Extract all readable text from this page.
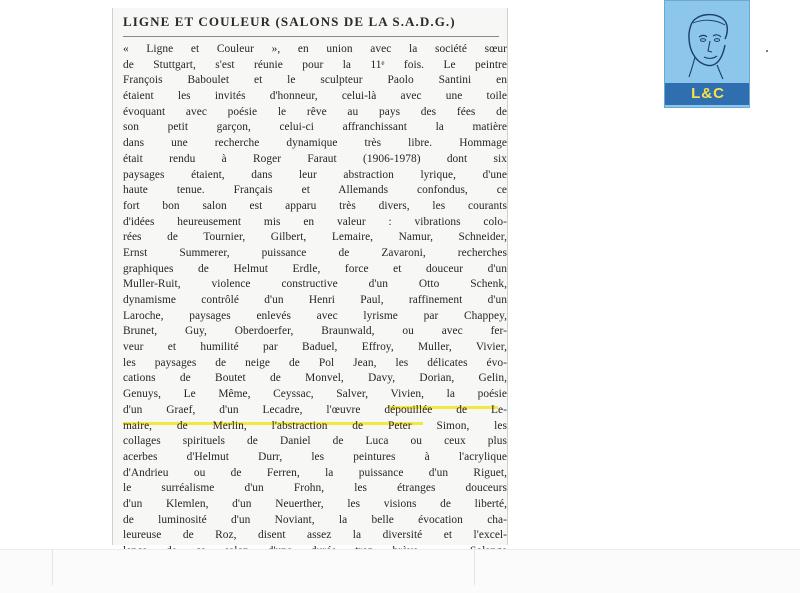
LIGNE ET COULEUR (SALONS DE LA S.A.D.G.)
« Ligne et Couleur », en union avec la société sœur
de Stuttgart, s'est réunie pour la 11ᵉ fois. Le peintre
François Baboulet et le sculpteur Paolo Santini en
étaient les invités d'honneur, celui-là avec une toile
évoquant avec poésie le rêve au pays des fées de
son petit garçon, celui-ci affranchissant la matière
dans une recherche dynamique très libre. Hommage
était rendu à Roger Faraut (1906-1978) dont six
paysages étaient, dans leur abstraction lyrique, d'une
haute tenue. Français et Allemands confondus, ce
fort bon salon est apparu très divers, les courants
d'idées heureusement mis en valeur : vibrations colo-
rées de Tournier, Gilbert, Lemaire, Namur, Schneider,
Ernst Summerer, puissance de Zavaroni, recherches
graphiques de Helmut Erdle, force et douceur d'un
Muller-Ruit, violence constructive d'un Otto Schenk,
dynamisme contrôlé d'un Henri Paul, raffinement d'un
Laroche, paysages enlevés avec lyrisme par Chappey,
Brunet, Guy, Oberdoerfer, Braunwald, ou avec fer-
veur et humilité par Baduel, Effroy, Muller, Vivier,
les paysages de neige de Pol Jean, les délicates évo-
cations de Boutet de Monvel, Davy, Dorian, Gelin,
Genuys, Le Même, Ceyssac, Salver, Vivien, la poésie
d'un Graef, d'un Lecadre, l'œuvre dépouillée de Le-
maire, de Merlin, l'abstraction de Peter Simon, les
collages spirituels de Daniel de Luca ou ceux plus
acerbes d'Helmut Durr, les peintures à l'acrylique
d'Andrieu ou de Ferren, la puissance d'un Riguet,
le surréalisme d'un Frohn, les étranges douceurs
d'un Klemlen, d'un Neuerther, les visions de liberté,
de luminosité d'un Noviant, la belle évocation cha-
leureuse de Roz, disent assez la diversité et l'excel-
L&C
